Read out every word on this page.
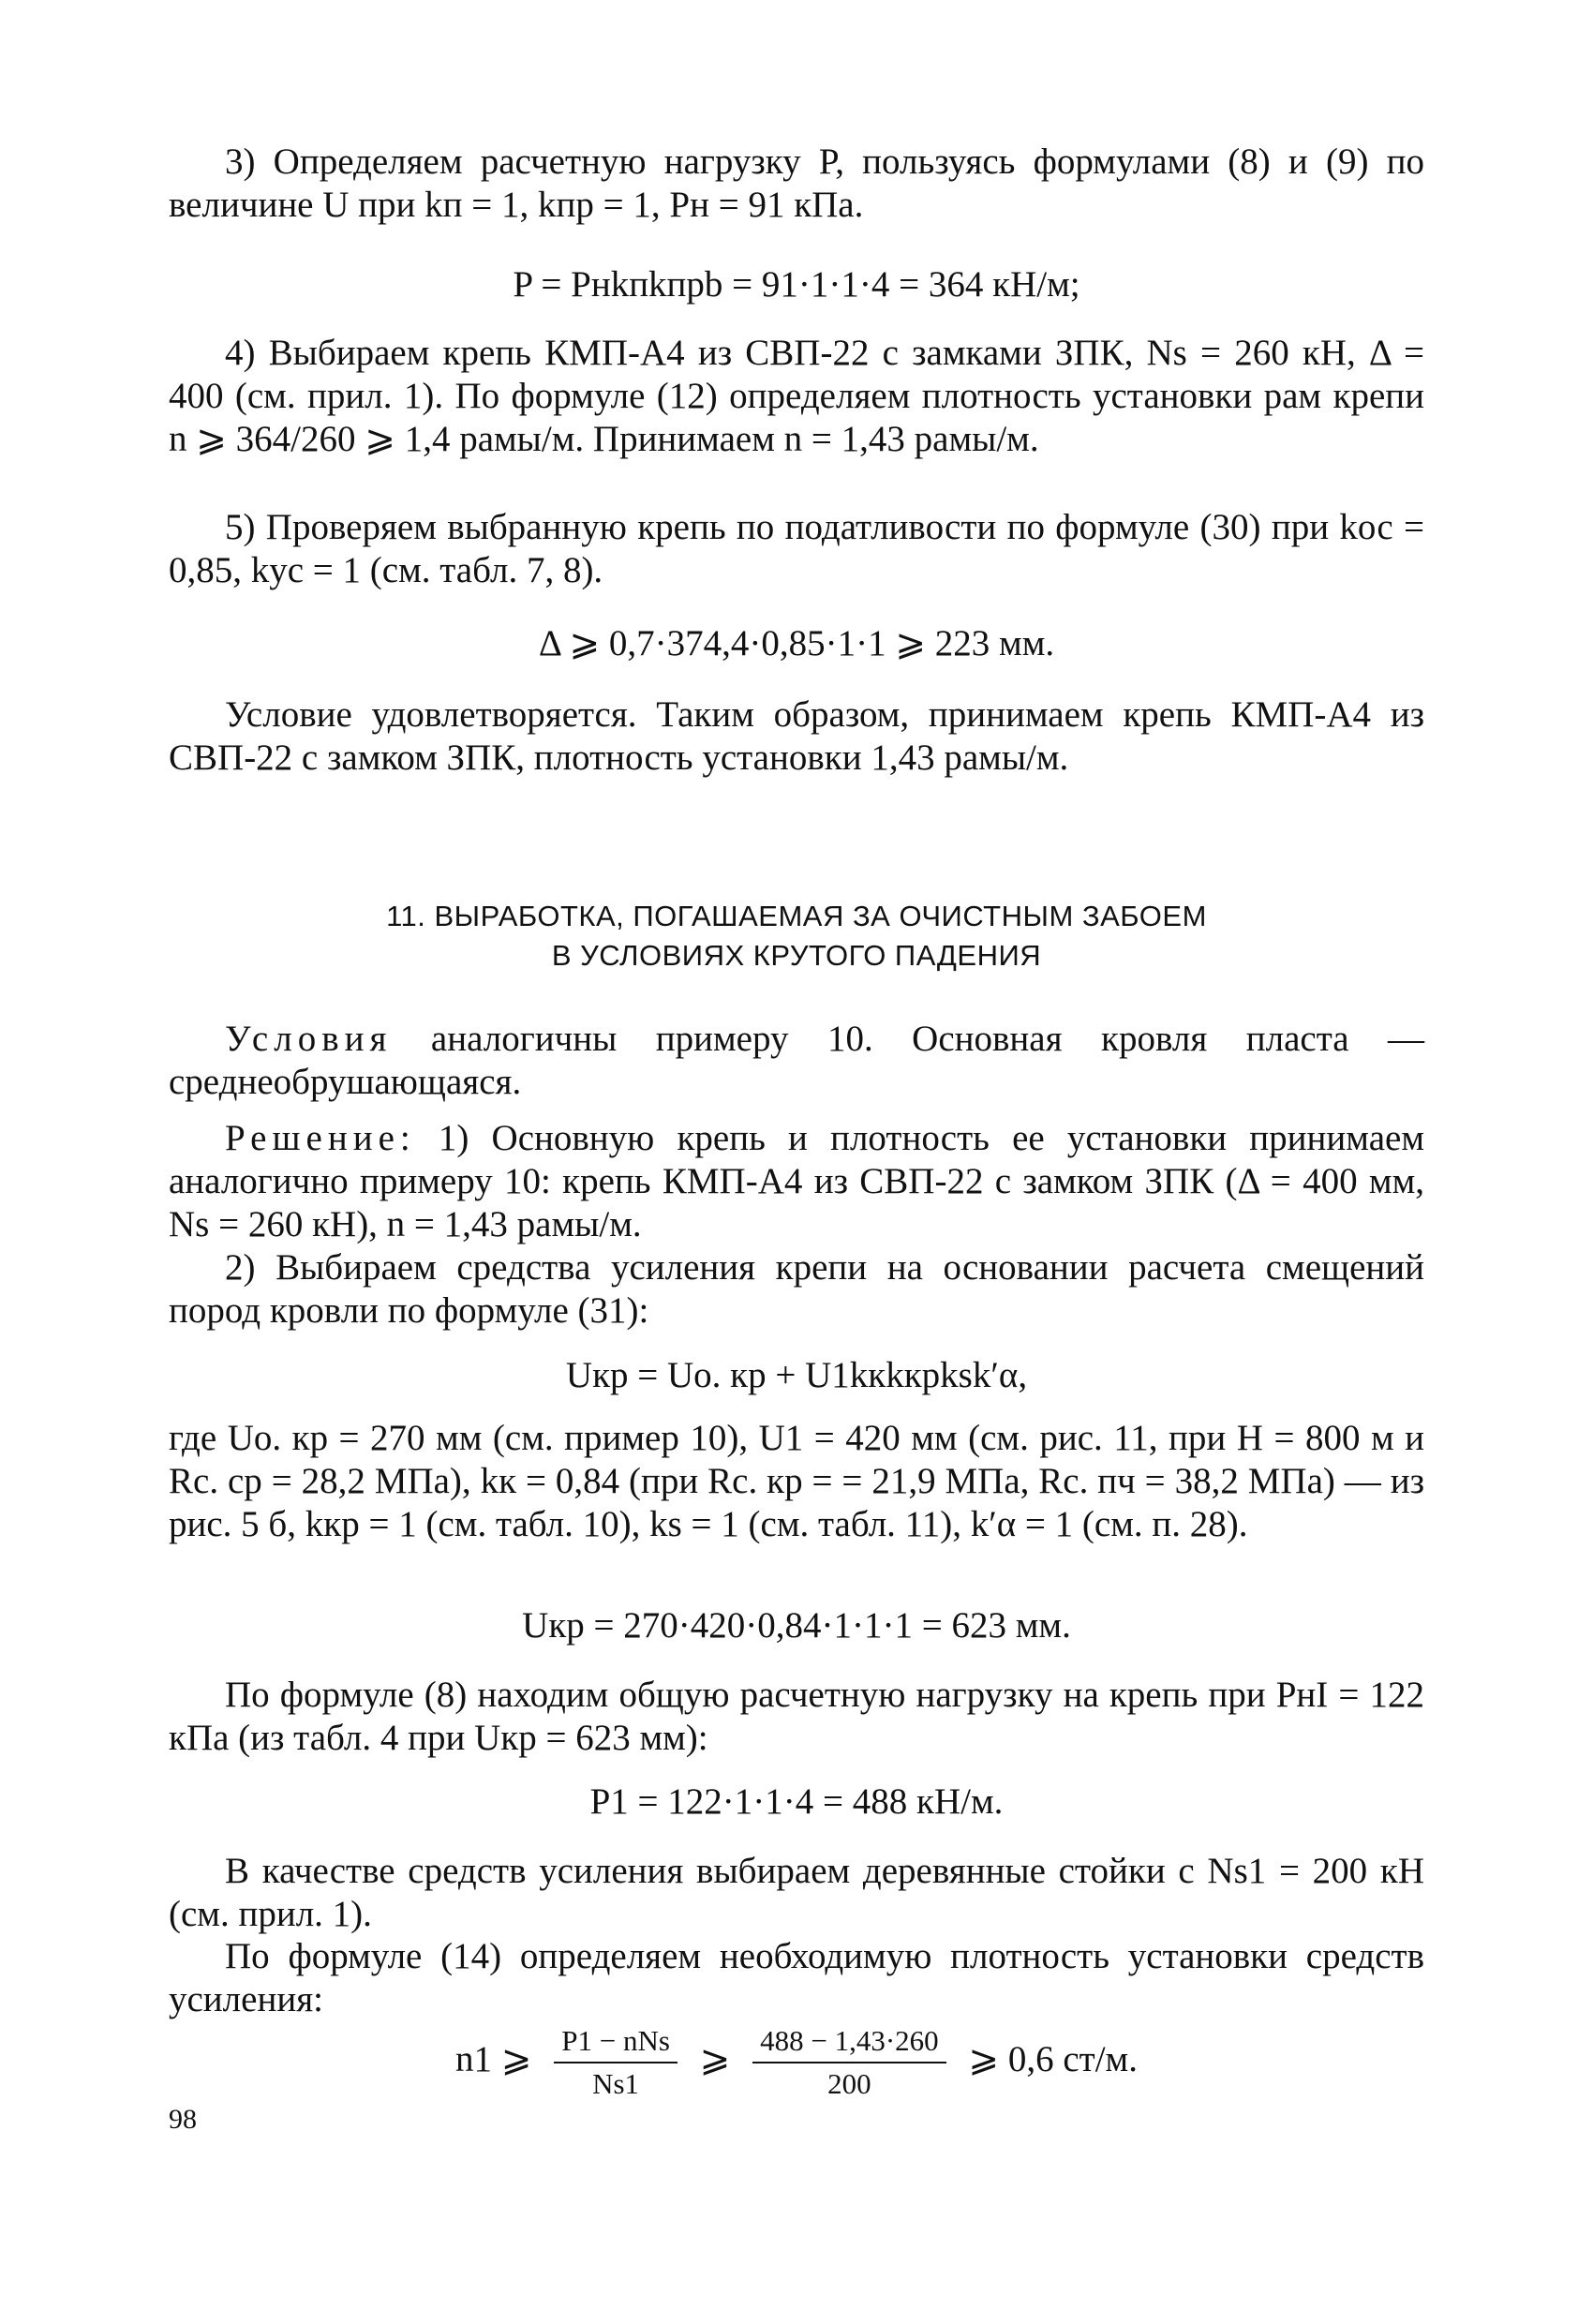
3) Определяем расчетную нагрузку P, пользуясь формулами (8) и (9) по величине U при kп = 1, kпр = 1, Pн = 91 кПа.

P = Pнkпkпрb = 91·1·1·4 = 364 кН/м;

4) Выбираем крепь КМП-А4 из СВП-22 с замками ЗПК, Ns = 260 кН, Δ = 400 (см. прил. 1). По формуле (12) определяем плотность установки рам крепи n ⩾ 364/260 ⩾ 1,4 рамы/м. Принимаем n = 1,43 рамы/м.

5) Проверяем выбранную крепь по податливости по формуле (30) при kос = 0,85, kус = 1 (см. табл. 7, 8).

Δ ⩾ 0,7·374,4·0,85·1·1 ⩾ 223 мм.

Условие удовлетворяется. Таким образом, принимаем крепь КМП-А4 из СВП-22 с замком ЗПК, плотность установки 1,43 рамы/м.

11. ВЫРАБОТКА, ПОГАШАЕМАЯ ЗА ОЧИСТНЫМ ЗАБОЕМ
В УСЛОВИЯХ КРУТОГО ПАДЕНИЯ

Условия аналогичны примеру 10. Основная кровля пласта — среднеобрушающаяся.

Решение: 1) Основную крепь и плотность ее установки принимаем аналогично примеру 10: крепь КМП-А4 из СВП-22 с замком ЗПК (Δ = 400 мм, Ns = 260 кН), n = 1,43 рамы/м.

2) Выбираем средства усиления крепи на основании расчета смещений пород кровли по формуле (31):

Uкр = Uо. кр + U1kкkкрksk′α,

где Uо. кр = 270 мм (см. пример 10), U1 = 420 мм (см. рис. 11, при H = 800 м и Rс. ср = 28,2 МПа), kк = 0,84 (при Rс. кр = = 21,9 МПа, Rс. пч = 38,2 МПа) — из рис. 5 б, kкр = 1 (см. табл. 10), ks = 1 (см. табл. 11), k′α = 1 (см. п. 28).

Uкр = 270·420·0,84·1·1·1 = 623 мм.

По формуле (8) находим общую расчетную нагрузку на крепь при PнI = 122 кПа (из табл. 4 при Uкр = 623 мм):

P1 = 122·1·1·4 = 488 кН/м.

В качестве средств усиления выбираем деревянные стойки с Ns1 = 200 кН (см. прил. 1).

По формуле (14) определяем необходимую плотность установки средств усиления:

n1 ⩾ $\frac{\text{P1 − nNs}}{Ns1}$ ⩾ $\frac{488 - 1,43\cdot 260}{200}$ ⩾ 0,6 ст/м.
98
